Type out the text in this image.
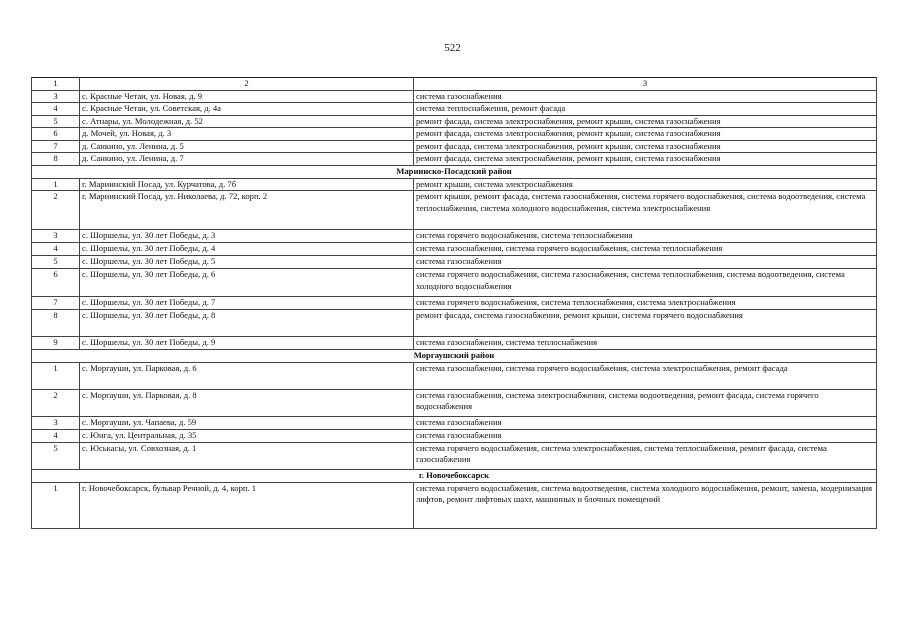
522
1	2	3
3	с. Красные Четаи, ул. Новая, д. 9	система газоснабжения
4	с. Красные Четаи, ул. Советская, д. 4а	система теплоснабжения, ремонт фасада
5	с. Атнары, ул. Молодежная, д. 52	ремонт фасада, система электроснабжения, ремонт крыши, система газоснабжения
6	д. Мочей, ул. Новая, д. 3	ремонт фасада, система электроснабжения, ремонт крыши, система газоснабжения
7	д. Санкино, ул. Ленина, д. 5	ремонт фасада, система электроснабжения, ремонт крыши, система газоснабжения
8	д. Санкино, ул. Ленина, д. 7	ремонт фасада, система электроснабжения, ремонт крыши, система газоснабжения
Мариинско-Посадский район		
1	г. Мариинский Посад, ул. Курчатова, д. 7б	ремонт крыши, система электроснабжения
2	г. Мариинский Посад, ул. Николаева, д. 72, корп. 2	ремонт крыши, ремонт фасада, система газоснабжения, система горячего водоснабжения, система водоотведения, система теплоснабжения, система холодного водоснабжения, система электроснабжения
3	с. Шоршелы, ул. 30 лет Победы, д. 3	система горячего водоснабжения, система теплоснабжения
4	с. Шоршелы, ул. 30 лет Победы, д. 4	система газоснабжения, система горячего водоснабжения, система теплоснабжения
5	с. Шоршелы, ул. 30 лет Победы, д. 5	система газоснабжения
6	с. Шоршелы, ул. 30 лет Победы, д. 6	система горячего водоснабжения, система газоснабжения, система теплоснабжения, система водоотведения, система холодного водоснабжения
7	с. Шоршелы, ул. 30 лет Победы, д. 7	система горячего водоснабжения, система теплоснабжения, система электроснабжения
8	с. Шоршелы, ул. 30 лет Победы, д. 8	ремонт фасада, система газоснабжения, ремонт крыши, система горячего водоснабжения
9	с. Шоршелы, ул. 30 лет Победы, д. 9	система газоснабжения, система теплоснабжения
Моргаушский район		
1	с. Моргауши, ул. Парковая, д. 6	система газоснабжения, система горячего водоснабжения, система электроснабжения, ремонт фасада
2	с. Моргауши, ул. Парковая, д. 8	система газоснабжения, система электроснабжения, система водоотведения, ремонт фасада, система горячего водоснабжения
3	с. Моргауши, ул. Чапаева, д. 59	система газоснабжения
4	с. Юнга, ул. Центральная, д. 35	система газоснабжения
5	с. Юськасы, ул. Совхозная, д. 1	система горячего водоснабжения, система электроснабжения, система теплоснабжения, ремонт фасада, система газоснабжения
г. Новочебоксарск		
1	г. Новочебоксарск, бульвар Речной, д. 4, корп. 1	система горячего водоснабжения, система водоотведения, система холодного водоснабжения, ремонт, замена, модернизация лифтов, ремонт лифтовых шахт, машинных и блочных помещений
